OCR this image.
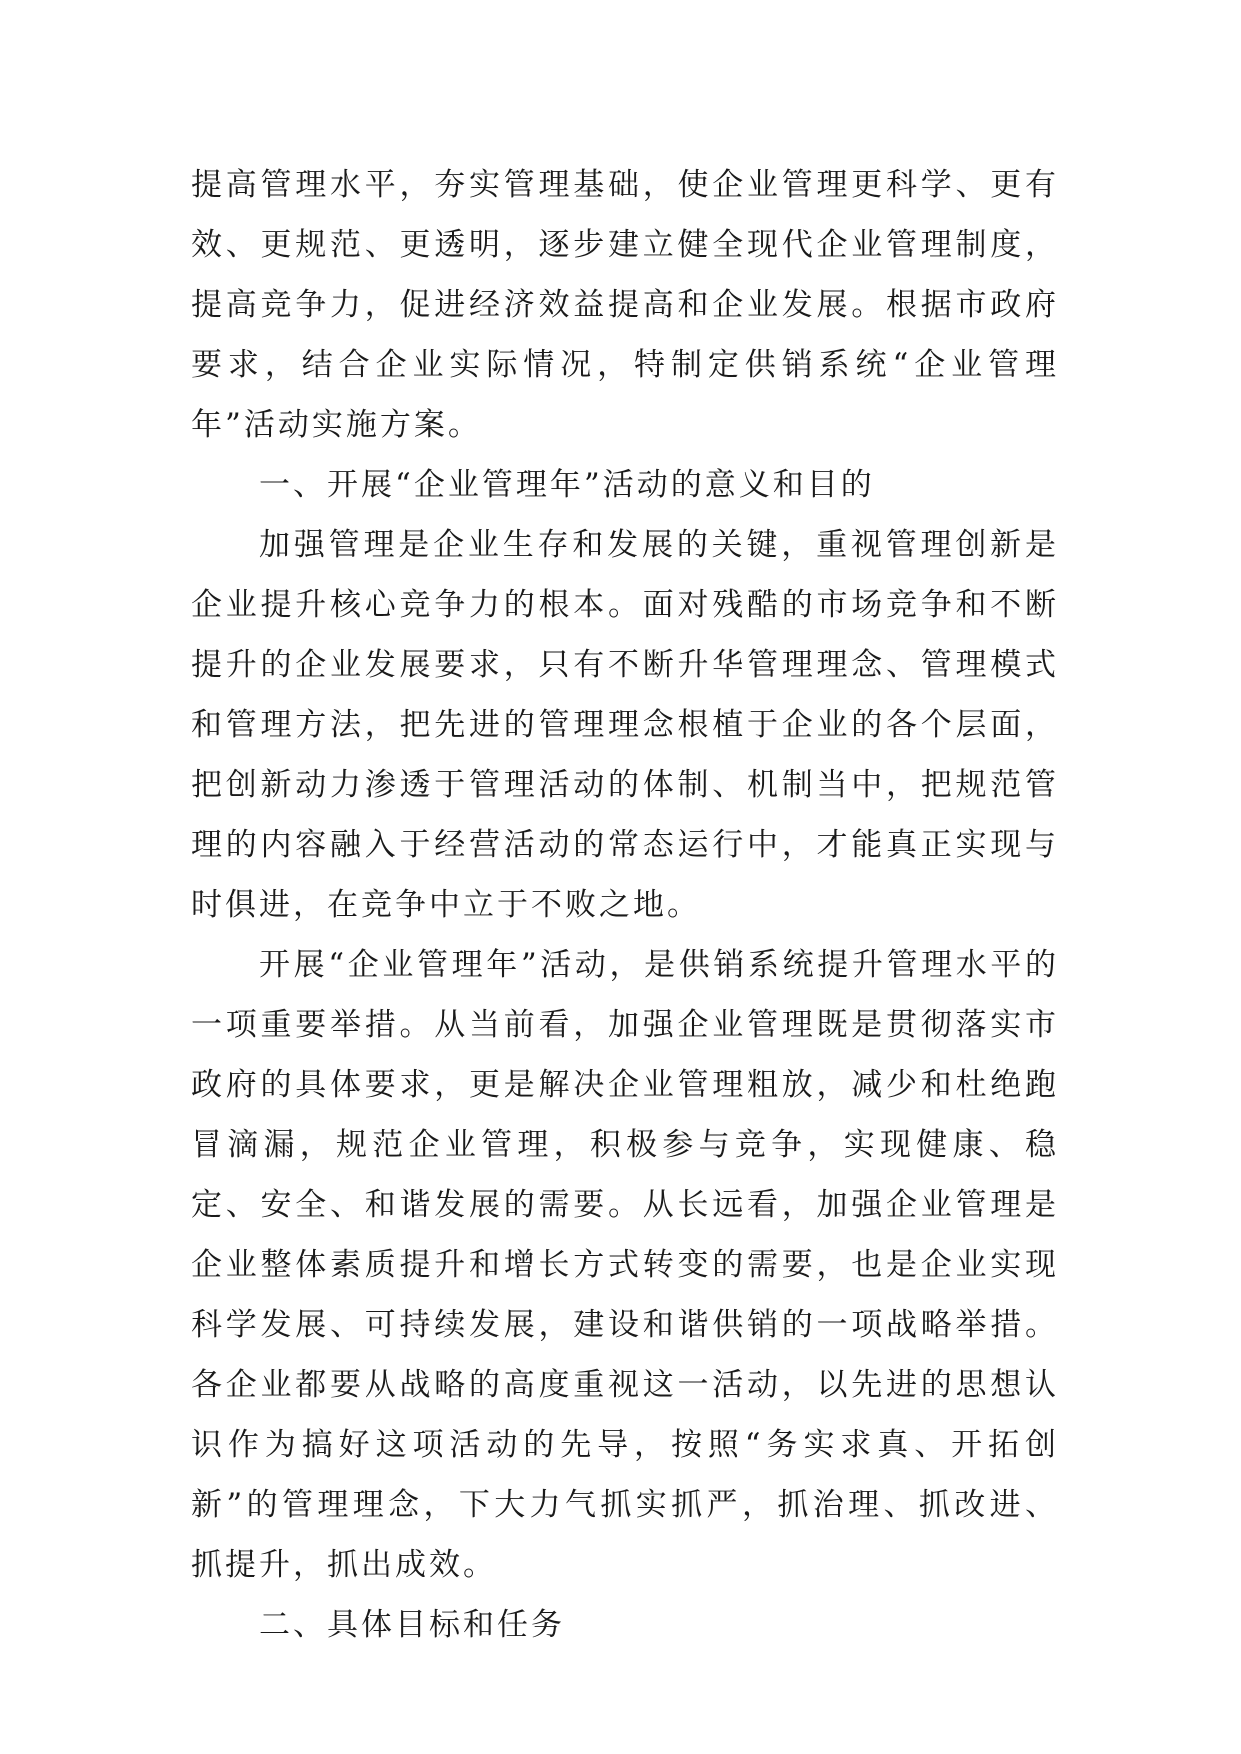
提高管理水平，夯实管理基础，使企业管理更科学、更有效、更规范、更透明，逐步建立健全现代企业管理制度，提高竞争力，促进经济效益提高和企业发展。根据市政府要求，结合企业实际情况，特制定供销系统“企业管理年”活动实施方案。

一、开展“企业管理年”活动的意义和目的

加强管理是企业生存和发展的关键，重视管理创新是企业提升核心竞争力的根本。面对残酷的市场竞争和不断提升的企业发展要求，只有不断升华管理理念、管理模式和管理方法，把先进的管理理念根植于企业的各个层面，把创新动力渗透于管理活动的体制、机制当中，把规范管理的内容融入于经营活动的常态运行中，才能真正实现与时俱进，在竞争中立于不败之地。

开展“企业管理年”活动，是供销系统提升管理水平的一项重要举措。从当前看，加强企业管理既是贯彻落实市政府的具体要求，更是解决企业管理粗放，减少和杜绝跑冒滴漏，规范企业管理，积极参与竞争，实现健康、稳定、安全、和谐发展的需要。从长远看，加强企业管理是企业整体素质提升和增长方式转变的需要，也是企业实现科学发展、可持续发展，建设和谐供销的一项战略举措。各企业都要从战略的高度重视这一活动，以先进的思想认识作为搞好这项活动的先导，按照“务实求真、开拓创新”的管理理念，下大力气抓实抓严，抓治理、抓改进、抓提升，抓出成效。

二、具体目标和任务
